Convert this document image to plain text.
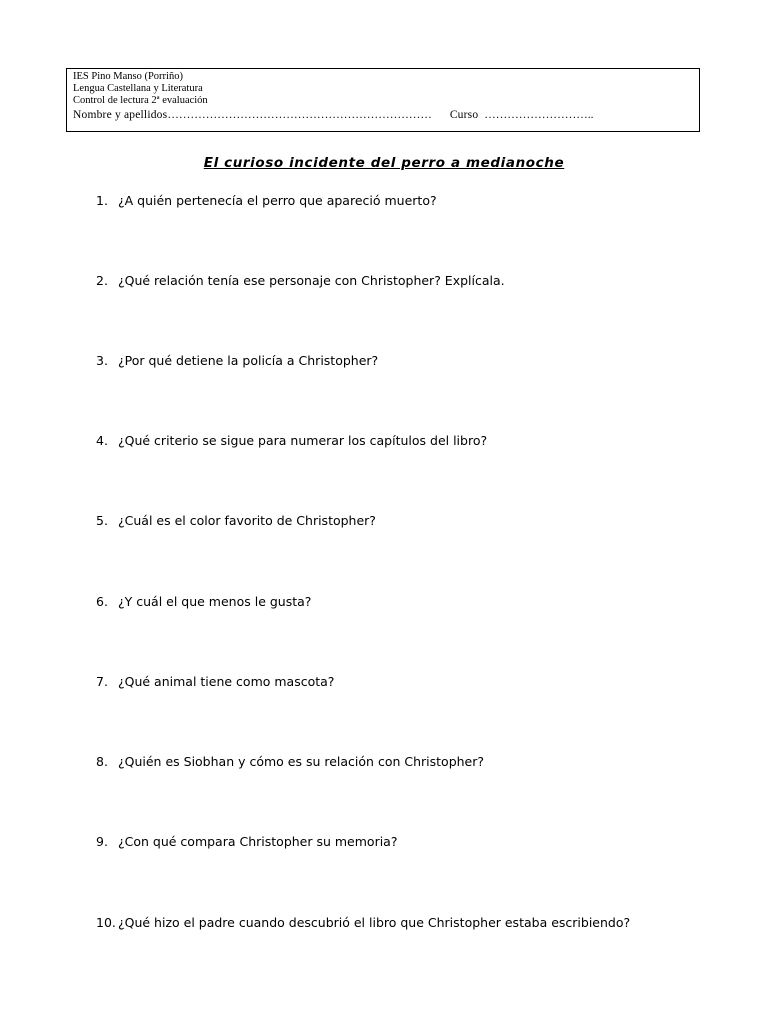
IES Pino Manso (Porriño)
Lengua Castellana y Literatura
Control de lectura 2ª evaluación
Nombre y apellidos …………………………………………………………… Curso ………………………..
El curioso incidente del perro a medianoche
1. ¿A quién pertenecía el perro que apareció muerto?
2. ¿Qué relación tenía ese personaje con Christopher? Explícala.
3. ¿Por qué detiene la policía a Christopher?
4. ¿Qué criterio se sigue para numerar los capítulos del libro?
5. ¿Cuál es el color favorito de Christopher?
6. ¿Y cuál el que menos le gusta?
7. ¿Qué animal tiene como mascota?
8. ¿Quién es Siobhan y cómo es su relación con Christopher?
9. ¿Con qué compara Christopher su memoria?
10. ¿Qué hizo el padre cuando descubrió el libro que Christopher estaba escribiendo?
